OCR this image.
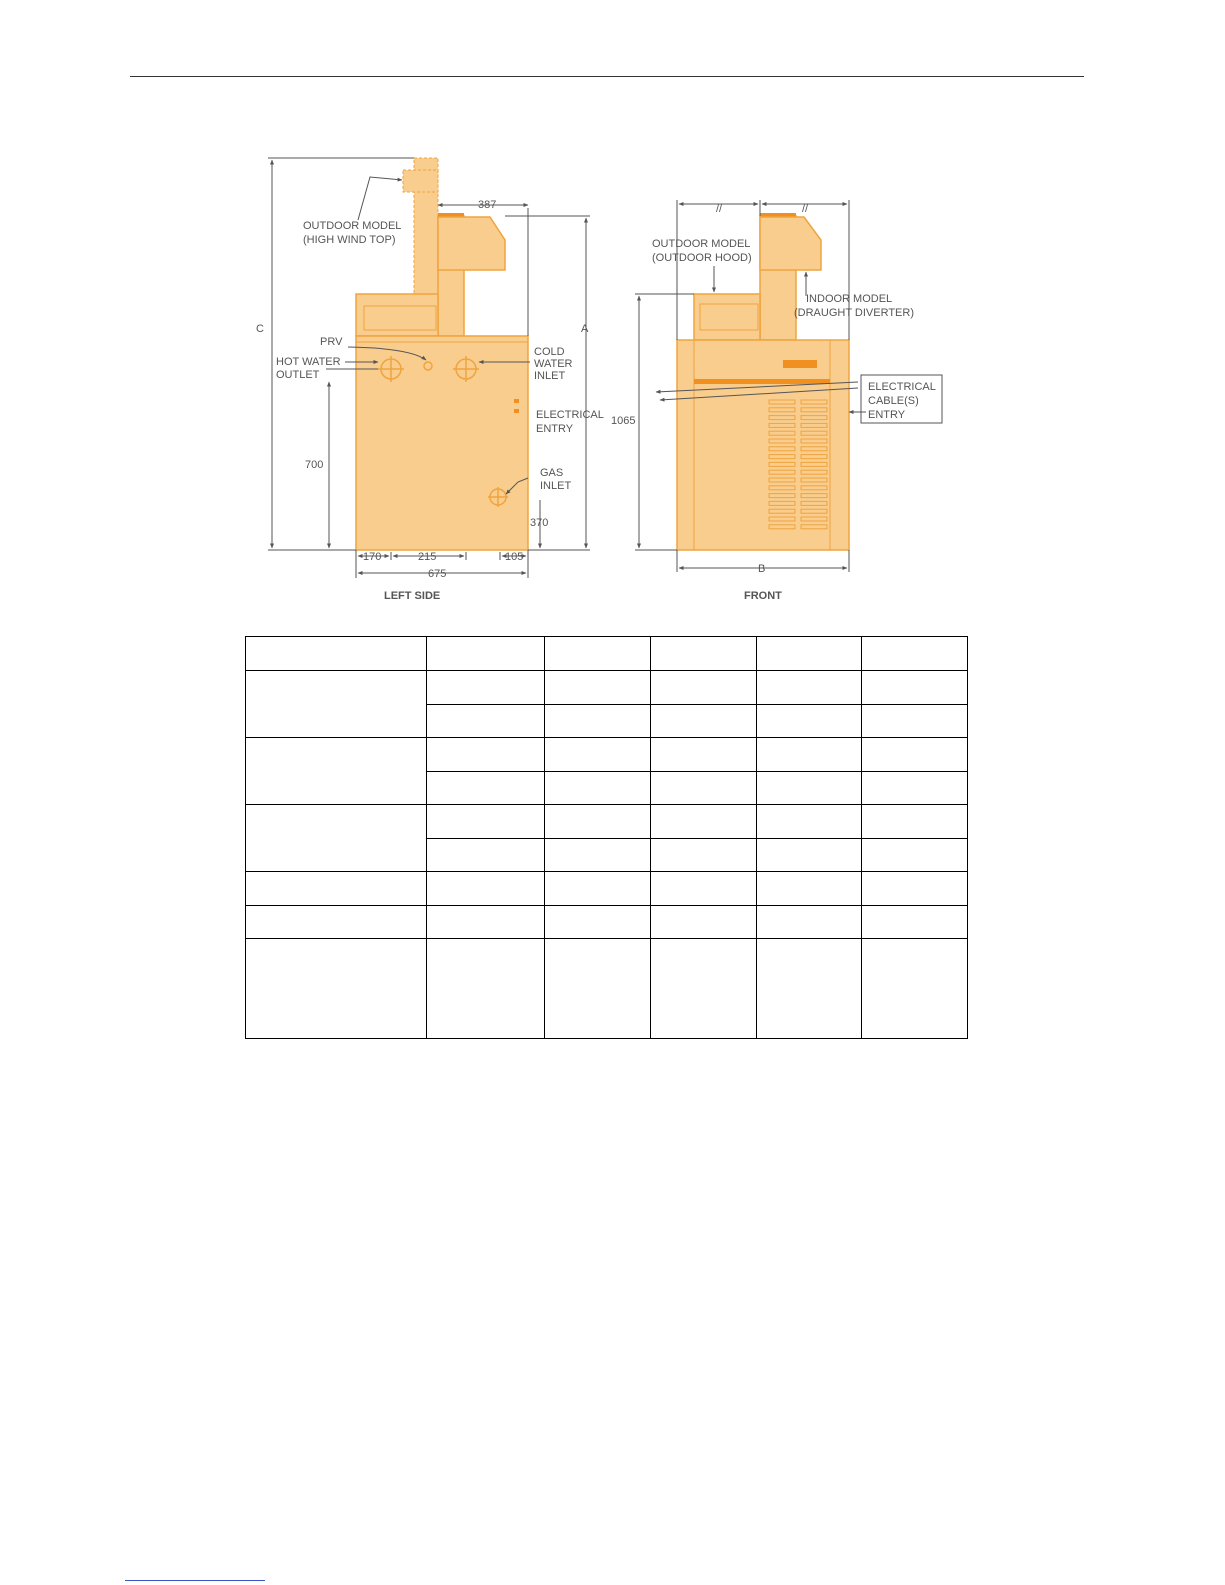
OUTDOOR MODEL
(HIGH WIND TOP)
PRV
HOT WATER
OUTLET
COLD
WATER
INLET
ELECTRICAL
ENTRY
GAS
INLET
C	A
387
700
370
170	215	105
675
LEFT SIDE
//	//
OUTDOOR MODEL
(OUTDOOR HOOD)
INDOOR MODEL
(DRAUGHT DIVERTER)
ELECTRICAL
CABLE(S)
ENTRY
1065
B
FRONT
